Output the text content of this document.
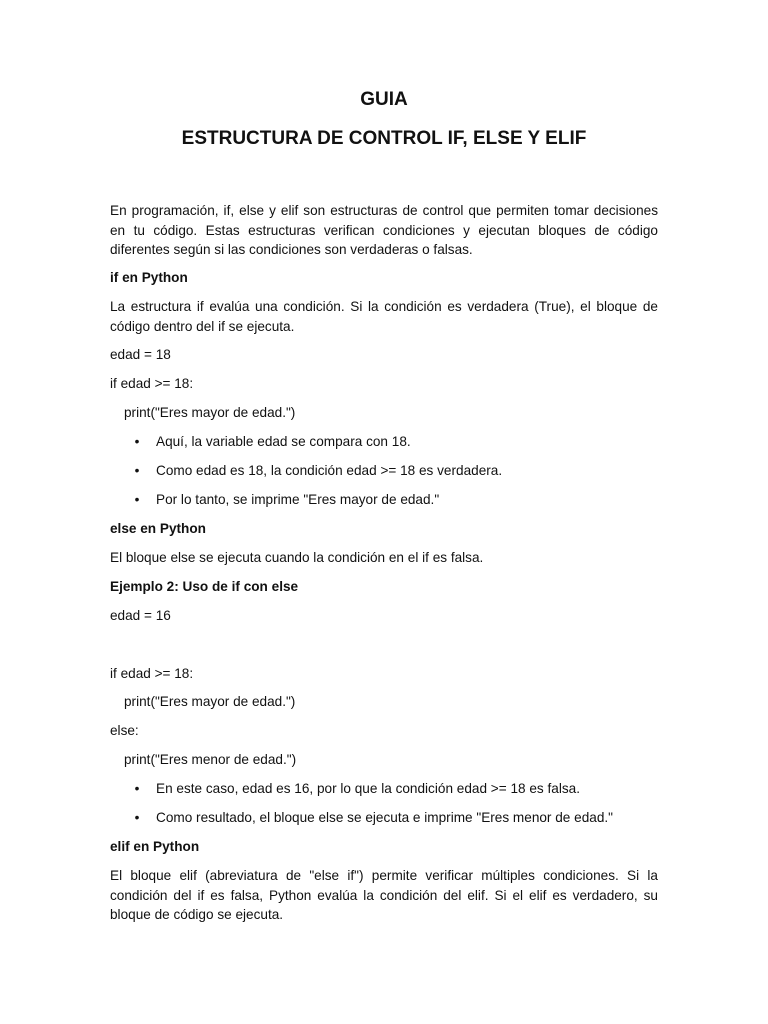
GUIA
ESTRUCTURA DE CONTROL IF, ELSE Y ELIF

En programación, if, else y elif son estructuras de control que permiten tomar decisiones en tu código. Estas estructuras verifican condiciones y ejecutan bloques de código diferentes según si las condiciones son verdaderas o falsas.

if en Python

La estructura if evalúa una condición. Si la condición es verdadera (True), el bloque de código dentro del if se ejecuta.

edad = 18

if edad >= 18:

print("Eres mayor de edad.")

• Aquí, la variable edad se compara con 18.
• Como edad es 18, la condición edad >= 18 es verdadera.
• Por lo tanto, se imprime "Eres mayor de edad."

else en Python

El bloque else se ejecuta cuando la condición en el if es falsa.

Ejemplo 2: Uso de if con else

edad = 16

if edad >= 18:

print("Eres mayor de edad.")

else:

print("Eres menor de edad.")

• En este caso, edad es 16, por lo que la condición edad >= 18 es falsa.
• Como resultado, el bloque else se ejecuta e imprime "Eres menor de edad."

elif en Python

El bloque elif (abreviatura de "else if") permite verificar múltiples condiciones. Si la condición del if es falsa, Python evalúa la condición del elif. Si el elif es verdadero, su bloque de código se ejecuta.
